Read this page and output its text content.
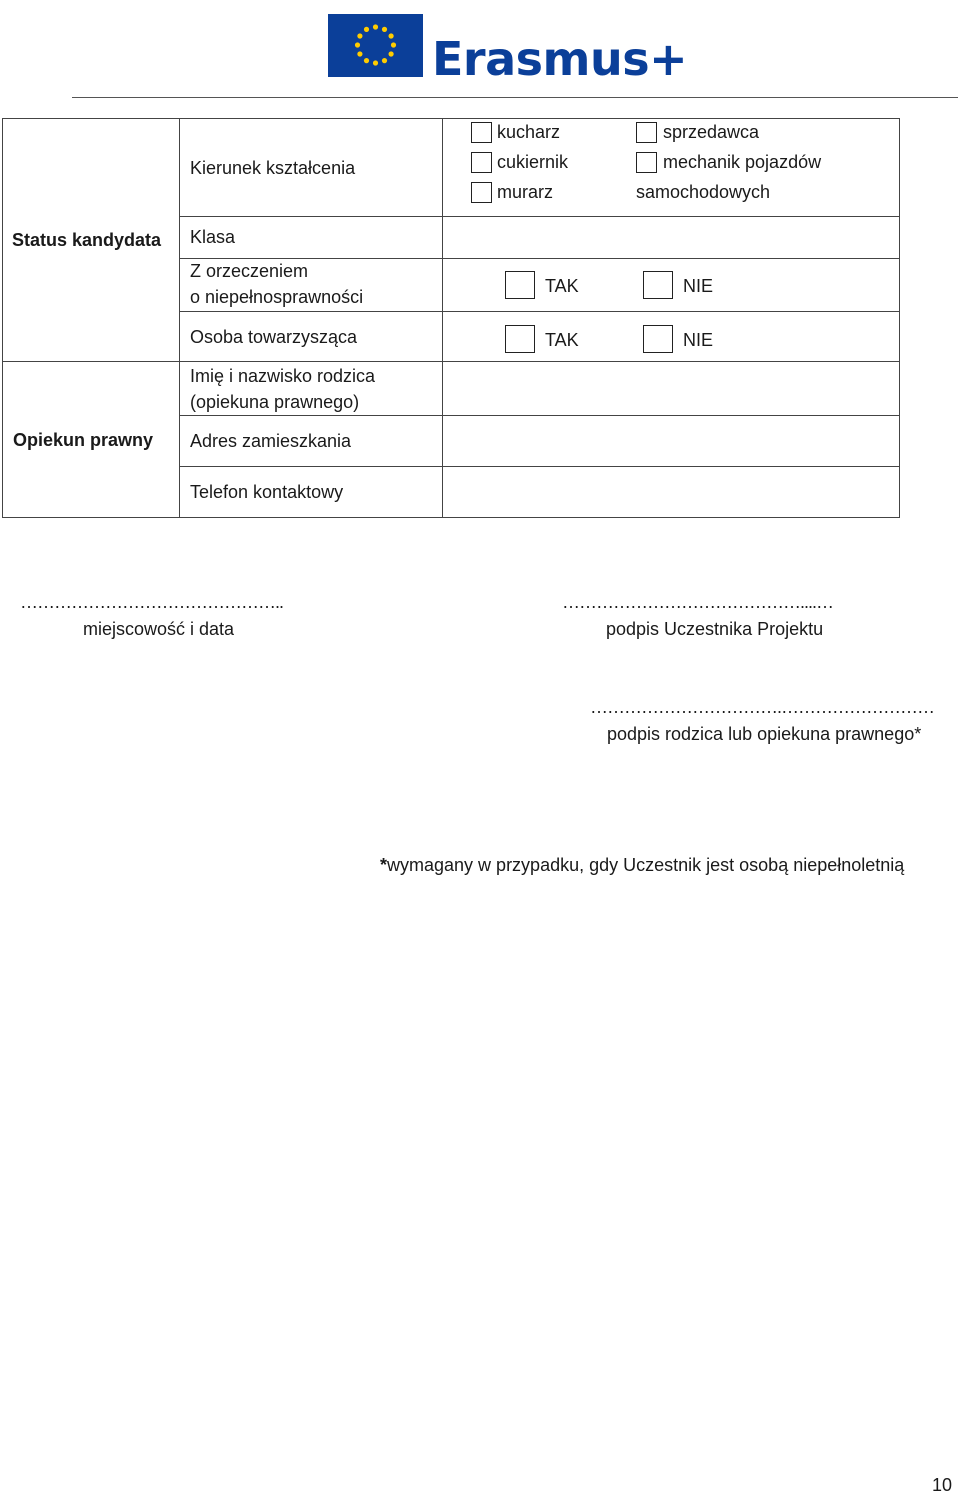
Erasmus+
Status kandydata
Opiekun prawny
Kierunek kształcenia
Klasa
Z orzeczeniem
o niepełnosprawności
Osoba towarzysząca
Imię i nazwisko rodzica
(opiekuna prawnego)
Adres zamieszkania
Telefon kontaktowy
kucharz
cukiernik
murarz
sprzedawca
mechanik pojazdów
samochodowych
TAK	NIE
TAK	NIE
………………………………………..
miejscowość i data
……………………………………....…
podpis Uczestnika Projektu
…………………………….………………………
podpis rodzica lub opiekuna prawnego*
*wymagany w przypadku, gdy Uczestnik jest osobą niepełnoletnią
10
